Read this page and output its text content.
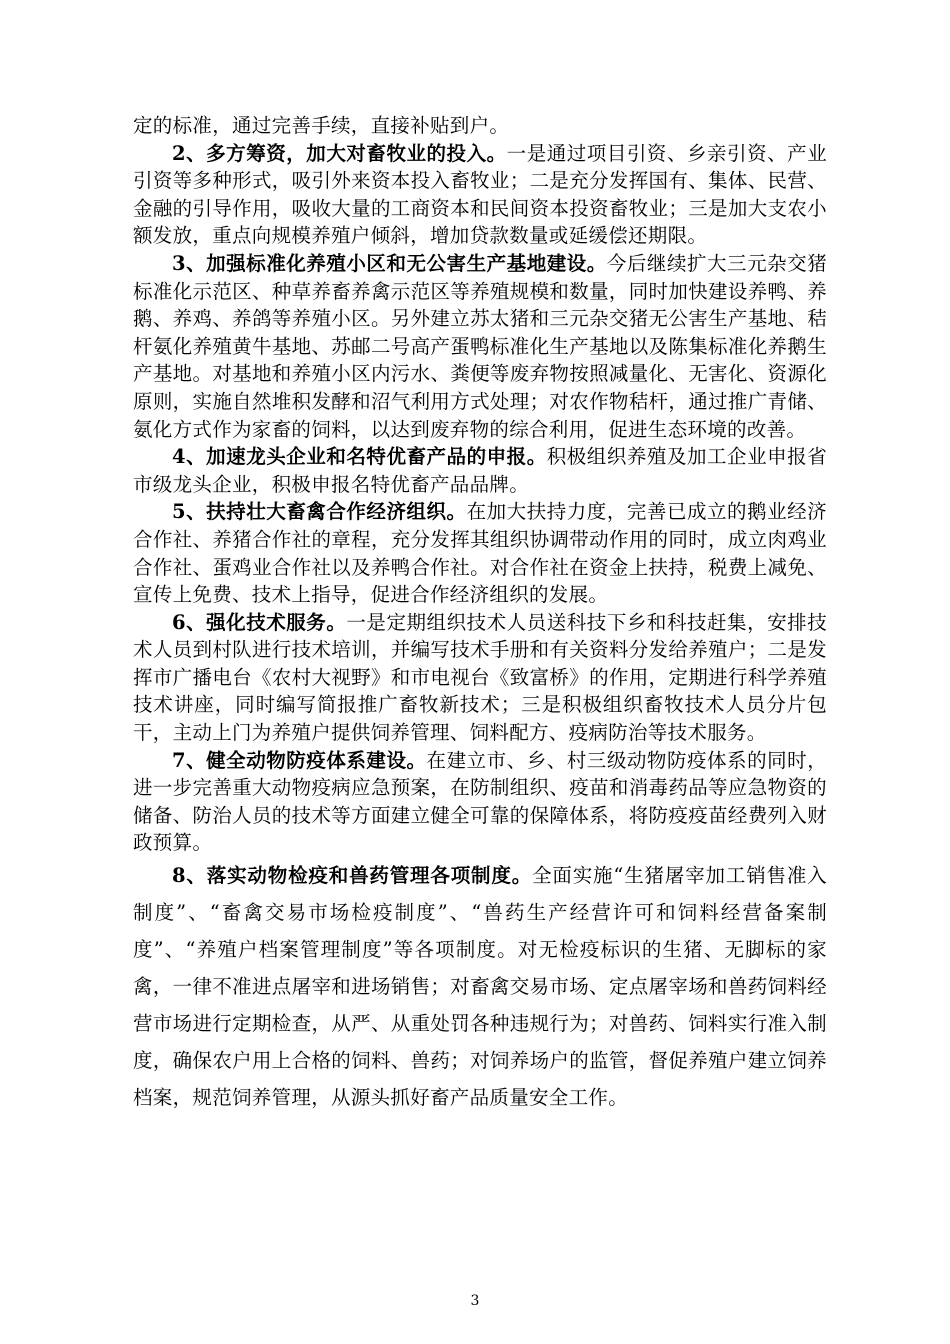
定的标准，通过完善手续，直接补贴到户。

2、多方筹资，加大对畜牧业的投入。一是通过项目引资、乡亲引资、产业引资等多种形式，吸引外来资本投入畜牧业；二是充分发挥国有、集体、民营、金融的引导作用，吸收大量的工商资本和民间资本投资畜牧业；三是加大支农小额发放，重点向规模养殖户倾斜，增加贷款数量或延缓偿还期限。

3、加强标准化养殖小区和无公害生产基地建设。今后继续扩大三元杂交猪标准化示范区、种草养畜养禽示范区等养殖规模和数量，同时加快建设养鸭、养鹅、养鸡、养鸽等养殖小区。另外建立苏太猪和三元杂交猪无公害生产基地、秸杆氨化养殖黄牛基地、苏邮二号高产蛋鸭标准化生产基地以及陈集标准化养鹅生产基地。对基地和养殖小区内污水、粪便等废弃物按照减量化、无害化、资源化原则，实施自然堆积发酵和沼气利用方式处理；对农作物秸杆，通过推广青储、氨化方式作为家畜的饲料，以达到废弃物的综合利用，促进生态环境的改善。

4、加速龙头企业和名特优畜产品的申报。积极组织养殖及加工企业申报省市级龙头企业，积极申报名特优畜产品品牌。

5、扶持壮大畜禽合作经济组织。在加大扶持力度，完善已成立的鹅业经济合作社、养猪合作社的章程，充分发挥其组织协调带动作用的同时，成立肉鸡业合作社、蛋鸡业合作社以及养鸭合作社。对合作社在资金上扶持，税费上减免、宣传上免费、技术上指导，促进合作经济组织的发展。

6、强化技术服务。一是定期组织技术人员送科技下乡和科技赶集，安排技术人员到村队进行技术培训，并编写技术手册和有关资料分发给养殖户；二是发挥市广播电台《农村大视野》和市电视台《致富桥》的作用，定期进行科学养殖技术讲座，同时编写简报推广畜牧新技术；三是积极组织畜牧技术人员分片包干，主动上门为养殖户提供饲养管理、饲料配方、疫病防治等技术服务。

7、健全动物防疫体系建设。在建立市、乡、村三级动物防疫体系的同时，进一步完善重大动物疫病应急预案，在防制组织、疫苗和消毒药品等应急物资的储备、防治人员的技术等方面建立健全可靠的保障体系，将防疫疫苗经费列入财政预算。

8、落实动物检疫和兽药管理各项制度。全面实施“生猪屠宰加工销售准入制度”、“畜禽交易市场检疫制度”、“兽药生产经营许可和饲料经营备案制度”、“养殖户档案管理制度”等各项制度。对无检疫标识的生猪、无脚标的家禽，一律不准进点屠宰和进场销售；对畜禽交易市场、定点屠宰场和兽药饲料经营市场进行定期检查，从严、从重处罚各种违规行为；对兽药、饲料实行准入制度，确保农户用上合格的饲料、兽药；对饲养场户的监管，督促养殖户建立饲养档案，规范饲养管理，从源头抓好畜产品质量安全工作。

3
